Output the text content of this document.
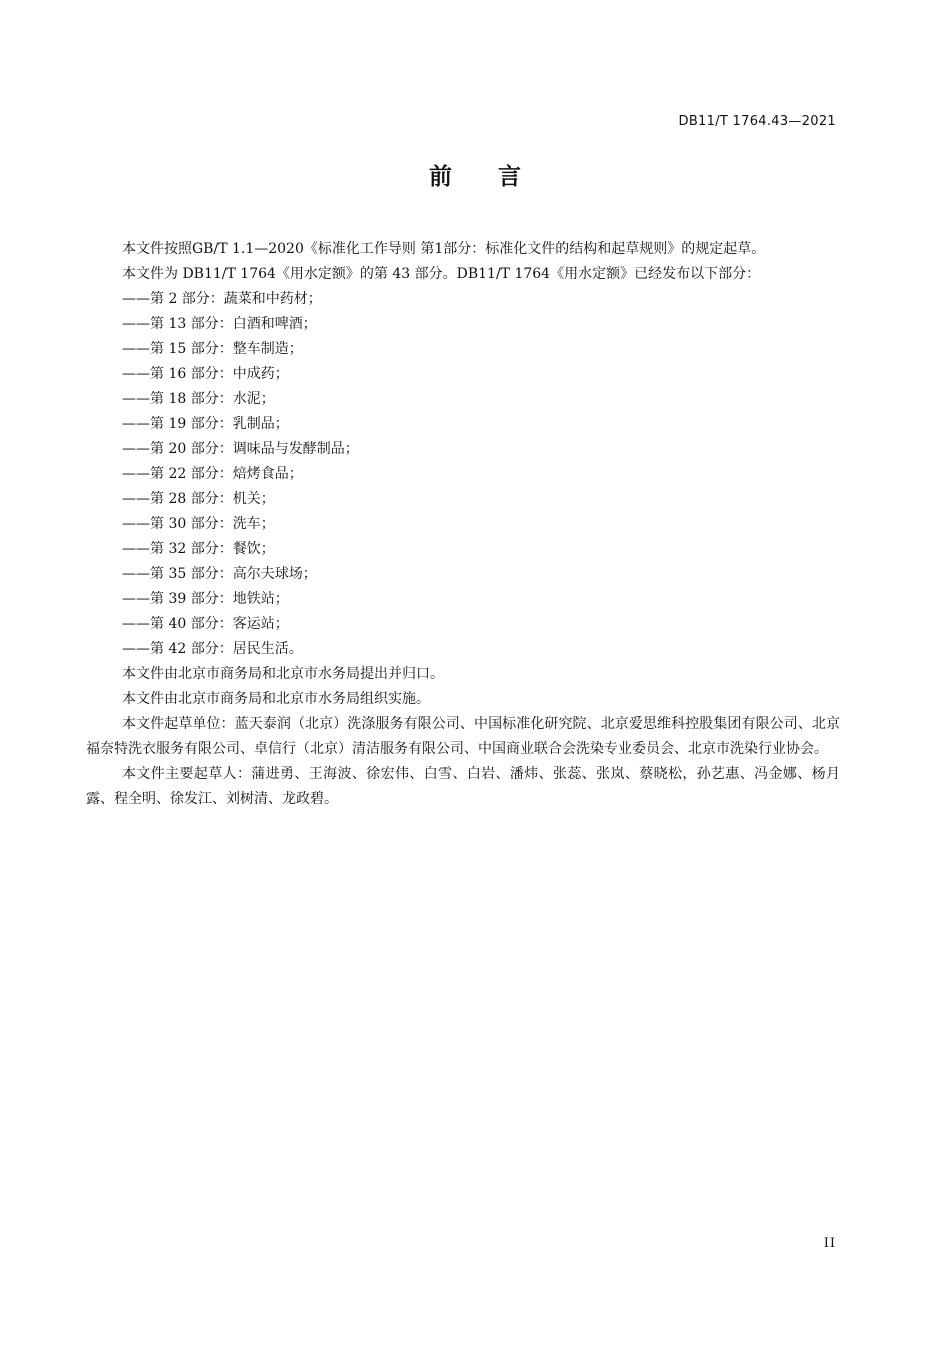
DB11/T 1764.43—2021
前 言

本文件按照GB/T 1.1—2020《标准化工作导则 第1部分：标准化文件的结构和起草规则》的规定起草。

本文件为 DB11/T 1764《用水定额》的第 43 部分。DB11/T 1764《用水定额》已经发布以下部分：

——第 2 部分：蔬菜和中药材；
——第 13 部分：白酒和啤酒；
——第 15 部分：整车制造；
——第 16 部分：中成药；
——第 18 部分：水泥；
——第 19 部分：乳制品；
——第 20 部分：调味品与发酵制品；
——第 22 部分：焙烤食品；
——第 28 部分：机关；
——第 30 部分：洗车；
——第 32 部分：餐饮；
——第 35 部分：高尔夫球场；
——第 39 部分：地铁站；
——第 40 部分：客运站；
——第 42 部分：居民生活。

本文件由北京市商务局和北京市水务局提出并归口。

本文件由北京市商务局和北京市水务局组织实施。

本文件起草单位：蓝天泰润（北京）洗涤服务有限公司、中国标准化研究院、北京爱思维科控股集团有限公司、北京福奈特洗衣服务有限公司、卓信行（北京）清洁服务有限公司、中国商业联合会洗染专业委员会、北京市洗染行业协会。

本文件主要起草人：蒲进勇、王海波、徐宏伟、白雪、白岩、潘炜、张蕊、张岚、蔡晓松，孙艺惠、冯金娜、杨月露、程全明、徐发江、刘树清、龙政碧。

II
